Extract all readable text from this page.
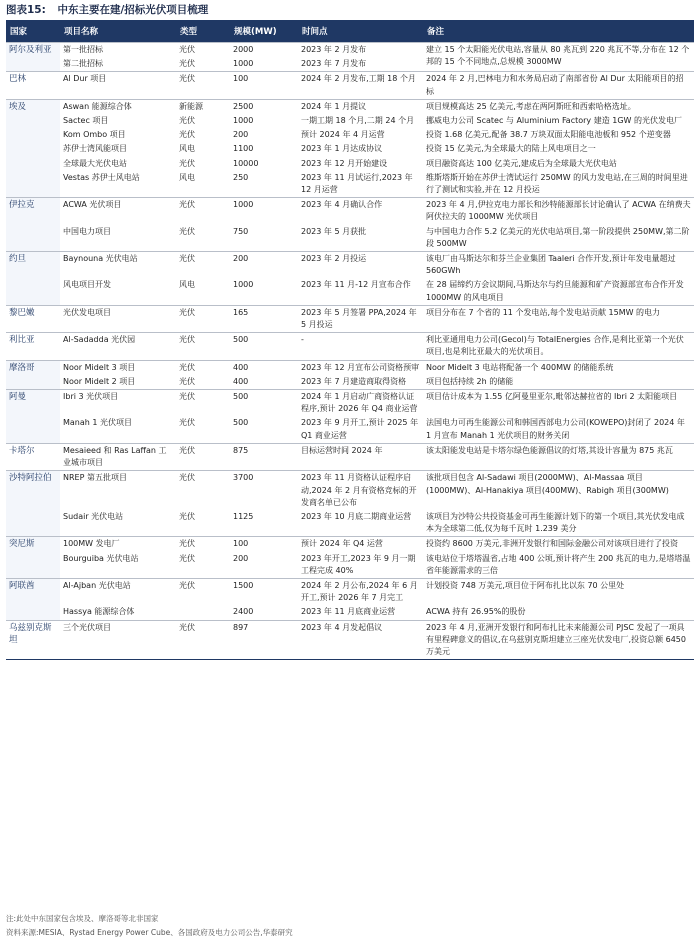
图表15: 中东主要在建/招标光伏项目梳理
国家	项目名称	类型	规模(MW)	时间点	备注
阿尔及利亚	第一批招标	光伏	2000	2023 年 2 月发布	建立 15 个太阳能光伏电站,容量从 80 兆瓦到 220 兆瓦不等,分布在 12 个邦的 15 个不同地点,总规模 3000MW
	第二批招标	光伏	1000	2023 年 7 月发布	
巴林	Al Dur 项目	光伏	100	2024 年 2 月发布,工期 18 个月	2024 年 2 月,巴林电力和水务局启动了南部省份 Al Dur 太阳能项目的招标
埃及	Aswan 能源综合体	新能源	2500	2024 年 1 月提议	项目规模高达 25 亿美元,考虑在两阿斯旺和西索哈格选址。
	Sactec 项目	光伏	1000	一期工期 18 个月,二期 24 个月	挪威电力公司 Scatec 与 Aluminium Factory 建造 1GW 的光伏发电厂
	Kom Ombo 项目	光伏	200	预计 2024 年 4 月运营	投资 1.68 亿美元,配备 38.7 万块双面太阳能电池板和 952 个逆变器
	苏伊士湾风能项目	风电	1100	2023 年 1 月达成协议	投资 15 亿美元,为全球最大的陆上风电项目之一
	全球最大光伏电站	光伏	10000	2023 年 12 月开始建设	项目融资高达 100 亿美元,建成后为全球最大光伏电站
	Vestas 苏伊士风电站	风电	250	2023 年 11 月试运行,2023 年 12 月运营	维斯塔斯开始在苏伊士湾试运行 250MW 的风力发电站,在三周的时间里进行了测试和实验,并在 12 月投运
伊拉克	ACWA 光伏项目	光伏	1000	2023 年 4 月确认合作	2023 年 4 月,伊拉克电力部长和沙特能源部长讨论确认了 ACWA 在纳费夫阿伏拉夫的 1000MW 光伏项目
	中国电力项目	光伏	750	2023 年 5 月获批	与中国电力合作 5.2 亿美元的光伏电站项目,第一阶段提供 250MW,第二阶段 500MW
约旦	Baynouna 光伏电站	光伏	200	2023 年 2 月投运	该电厂由马斯达尔和芬兰企业集团 Taaleri 合作开发,预计年发电量超过 560GWh
	风电项目开发	风电	1000	2023 年 11 月-12 月宣布合作	在 28 届缔约方会议期间,马斯达尔与约旦能源和矿产资源部宣布合作开发 1000MW 的风电项目
黎巴嫩	光伏发电项目	光伏	165	2023 年 5 月签署 PPA,2024 年 5 月投运	项目分布在 7 个省的 11 个发电站,每个发电站贡献 15MW 的电力
利比亚	Al-Sadadda 光伏园	光伏	500	-	利比亚通用电力公司(Gecol)与 TotalEnergies 合作,是利比亚第一个光伏项目,也是利比亚最大的光伏项目。
摩洛哥	Noor Midelt 3 项目	光伏	400	2023 年 12 月宣布公司资格预审	Noor Midelt 3 电站将配备一个 400MW 的储能系统
	Noor Midelt 2 项目	光伏	400	2023 年 7 月建造商取得资格	项目包括持续 2h 的储能
阿曼	Ibri 3 光伏项目	光伏	500	2024 年 1 月启动广商资格认证程序,预计 2026 年 Q4 商业运营	项目估计成本为 1.55 亿阿曼里亚尔,毗邻达赫拉省的 Ibri 2 太阳能项目
	Manah 1 光伏项目	光伏	500	2023 年 9 月开工,预计 2025 年 Q1 商业运营	法国电力可再生能源公司和韩国西部电力公司(KOWEPO)封闭了 2024 年 1 月宣布 Manah 1 光伏项目的财务关闭
卡塔尔	Mesaieed 和 Ras Laffan 工业城市项目	光伏	875	目标运营时间 2024 年	该太阳能发电站是卡塔尔绿色能源倡议的灯塔,其设计容量为 875 兆瓦
沙特阿拉伯	NREP 第五批项目	光伏	3700	2023 年 11 月资格认证程序启动,2024 年 2 月有资格竞标的开发商名单已公布	该批项目包含 Al-Sadawi 项目(2000MW)、Al-Massaa 项目(1000MW)、Al-Hanakiya 项目(400MW)、Rabigh 项目(300MW)
	Sudair 光伏电站	光伏	1125	2023 年 10 月底二期商业运营	该项目为沙特公共投资基金可再生能源计划下的第一个项目,其光伏发电成本为全球第二低,仅为每千瓦时 1.239 美分
突尼斯	100MW 发电厂	光伏	100	预计 2024 年 Q4 运营	投资约 8600 万美元,非洲开发银行和国际金融公司对该项目进行了投资
	Bourguiba 光伏电站	光伏	200	2023 年开工,2023 年 9 月一期工程完成 40%	该电站位于塔塔温省,占地 400 公顷,预计将产生 200 兆瓦的电力,是塔塔温省年能源需求的三倍
阿联酋	Al-Ajban 光伏电站	光伏	1500	2024 年 2 月公布,2024 年 6 月开工,预计 2026 年 7 月完工	计划投资 748 万美元,项目位于阿布扎比以东 70 公里处
	Hassya 能源综合体		2400	2023 年 11 月底商业运营	ACWA 持有 26.95%的股份
乌兹别克斯坦	三个光伏项目	光伏	897	2023 年 4 月发起倡议	2023 年 4 月,亚洲开发银行和阿布扎比未来能源公司 PJSC 发起了一项具有里程碑意义的倡议,在乌兹别克斯坦建立三座光伏发电厂,投资总额 6450 万美元
注:此处中东国家包含埃及、摩洛哥等北非国家
资料来源:MESIA、Rystad Energy Power Cube、各国政府及电力公司公告,华泰研究
